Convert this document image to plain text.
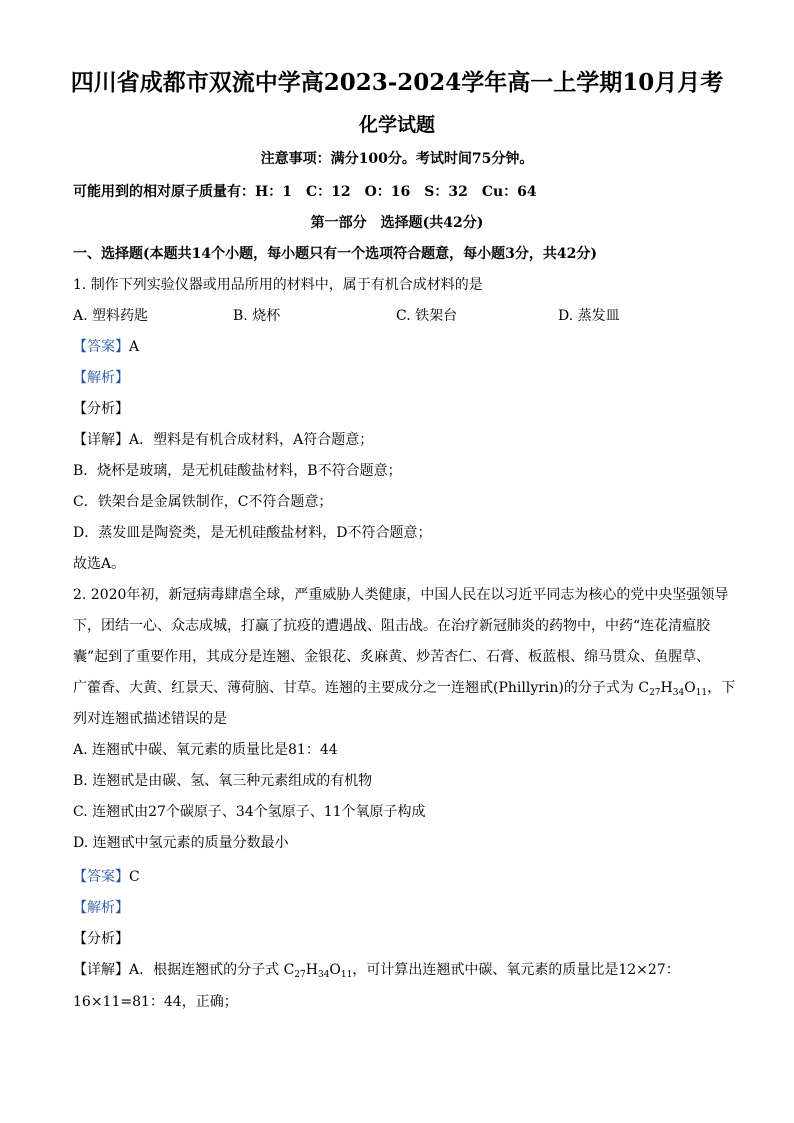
四川省成都市双流中学高2023-2024学年高一上学期10月月考
化学试题
注意事项：满分100分。考试时间75分钟。
可能用到的相对原子质量有：H：1　C：12　O：16　S：32　Cu：64
第一部分　选择题(共42分)
一、选择题(本题共14个小题，每小题只有一个选项符合题意，每小题3分，共42分)
1. 制作下列实验仪器或用品所用的材料中，属于有机合成材料的是
A. 塑料药匙	B. 烧杯	C. 铁架台	D. 蒸发皿
【答案】A
【解析】
【分析】
【详解】A．塑料是有机合成材料，A符合题意；
B．烧杯是玻璃，是无机硅酸盐材料，B不符合题意；
C．铁架台是金属铁制作，C不符合题意；
D．蒸发皿是陶瓷类，是无机硅酸盐材料，D不符合题意；
故选A。
2. 2020年初，新冠病毒肆虐全球，严重威胁人类健康，中国人民在以习近平同志为核心的党中央坚强领导
下，团结一心、众志成城，打赢了抗疫的遭遇战、阻击战。在治疗新冠肺炎的药物中，中药“连花清瘟胶
囊”起到了重要作用，其成分是连翘、金银花、炙麻黄、炒苦杏仁、石膏、板蓝根、绵马贯众、鱼腥草、
广藿香、大黄、红景天、薄荷脑、甘草。连翘的主要成分之一连翘甙(Phillyrin)的分子式为 $C_{27}H_{34}O_{11}$，下
列对连翘甙描述错误的是
A. 连翘甙中碳、氧元素的质量比是81：44
B. 连翘甙是由碳、氢、氧三种元素组成的有机物
C. 连翘甙由27个碳原子、34个氢原子、11个氧原子构成
D. 连翘甙中氢元素的质量分数最小
【答案】C
【解析】
【分析】
【详解】A．根据连翘甙的分子式 $C_{27}H_{34}O_{11}$，可计算出连翘甙中碳、氧元素的质量比是12×27：
16×11=81：44，正确；
